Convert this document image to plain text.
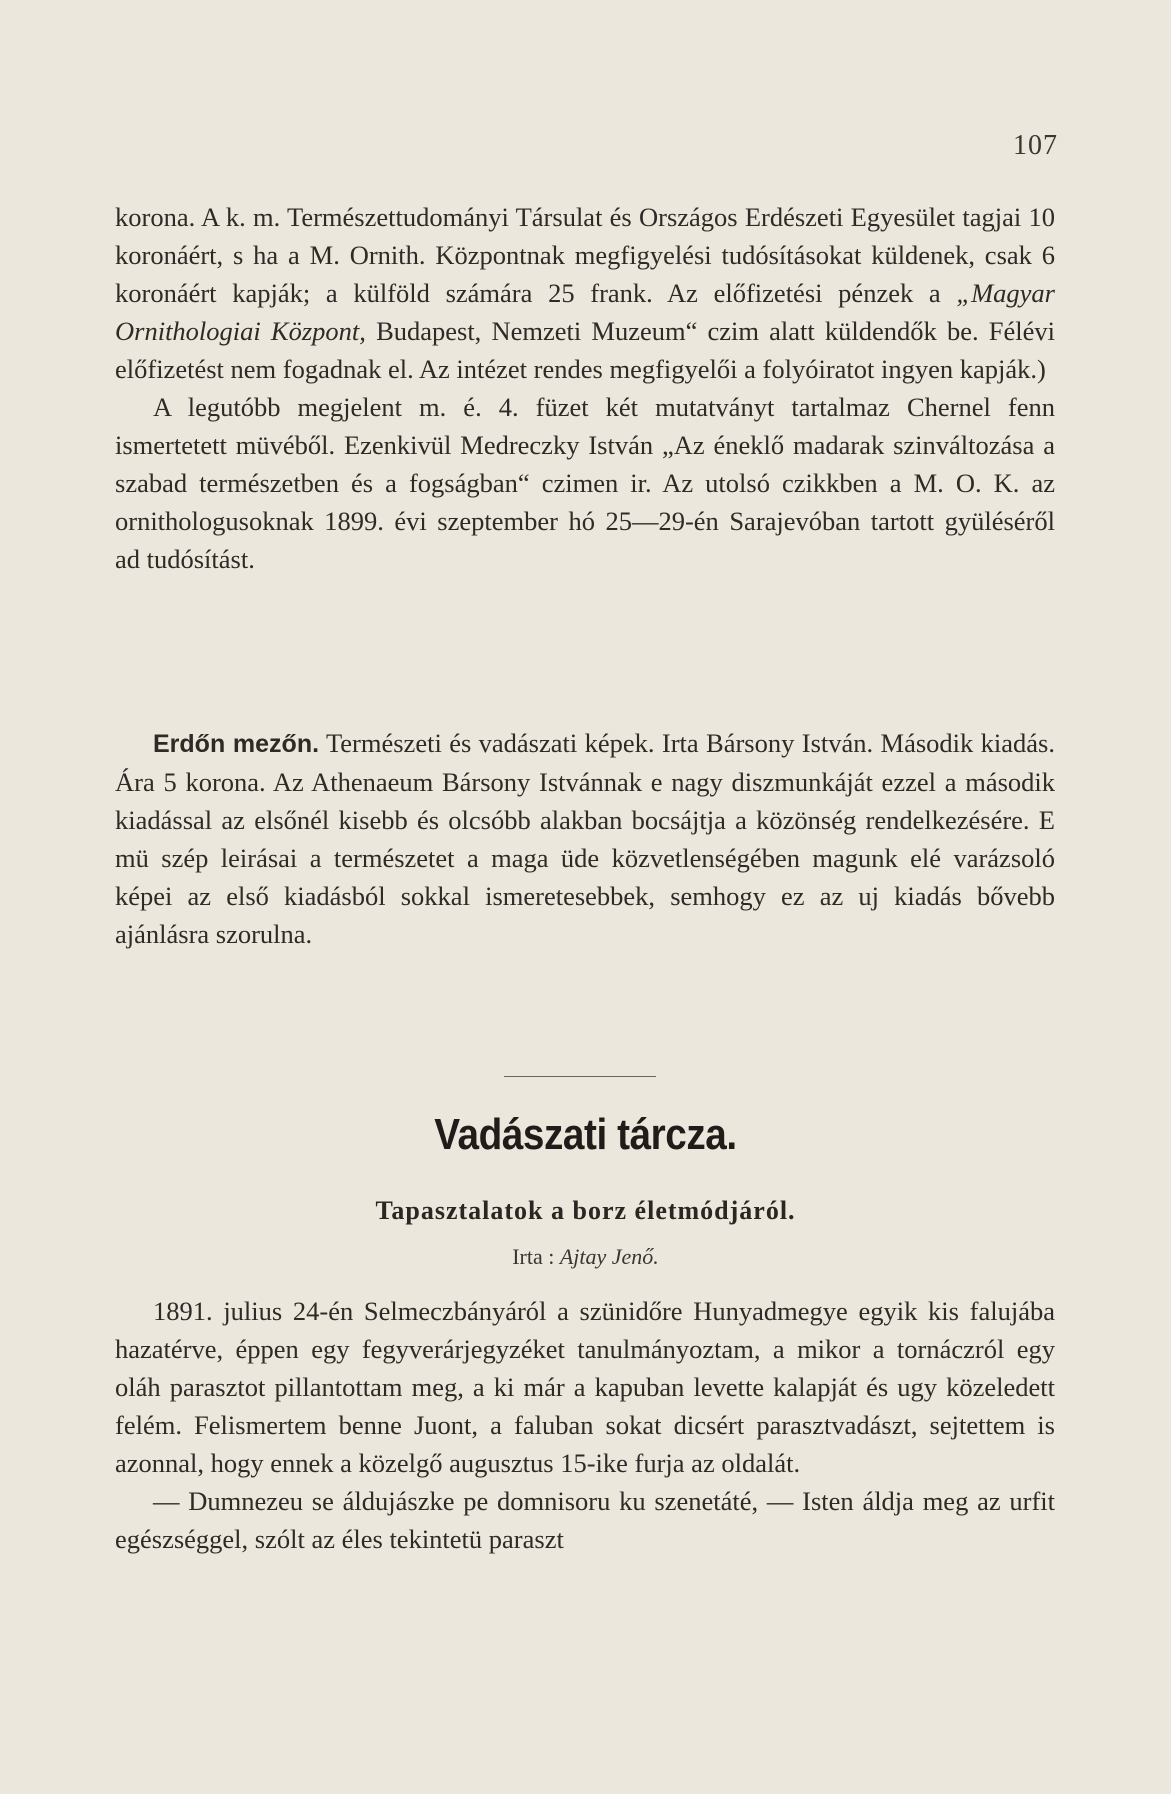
107

korona. A k. m. Természettudományi Társulat és Országos Erdészeti Egyesület tagjai 10 koronáért, s ha a M. Ornith. Központnak megfigyelési tudósításokat küldenek, csak 6 koronáért kapják; a külföld számára 25 frank. Az előfizetési pénzek a „Magyar Ornithologiai Központ, Budapest, Nemzeti Muzeum“ czim alatt küldendők be. Félévi előfizetést nem fogadnak el. Az intézet rendes megfigyelői a folyóiratot ingyen kapják.)

A legutóbb megjelent m. é. 4. füzet két mutatványt tartalmaz Chernel fenn ismertetett müvéből. Ezenkivül Medreczky István „Az éneklő madarak szinváltozása a szabad természetben és a fogságban“ czimen ir. Az utolsó czikkben a M. O. K. az ornithologusoknak 1899. évi szeptember hó 25—29-én Sarajevóban tartott gyüléséről ad tudósítást.

Erdőn mezőn. Természeti és vadászati képek. Irta Bársony István. Második kiadás. Ára 5 korona. Az Athenaeum Bársony Istvánnak e nagy diszmunkáját ezzel a második kiadással az elsőnél kisebb és olcsóbb alakban bocsájtja a közönség rendelkezésére. E mü szép leirásai a természetet a maga üde közvetlenségében magunk elé varázsoló képei az első kiadásból sokkal ismeretesebbek, semhogy ez az uj kiadás bővebb ajánlásra szorulna.

Vadászati tárcza.
Tapasztalatok a borz életmódjáról.
Irta : Ajtay Jenő.

1891. julius 24-én Selmeczbányáról a szünidőre Hunyadmegye egyik kis falujába hazatérve, éppen egy fegyverárjegyzéket tanulmányoztam, a mikor a tornáczról egy oláh parasztot pillantottam meg, a ki már a kapuban levette kalapját és ugy közeledett felém. Felismertem benne Juont, a faluban sokat dicsért parasztvadászt, sejtettem is azonnal, hogy ennek a közelgő augusztus 15-ike furja az oldalát.

— Dumnezeu se áldujászke pe domnisoru ku szenetáté, — Isten áldja meg az urfit egészséggel, szólt az éles tekintetü paraszt
